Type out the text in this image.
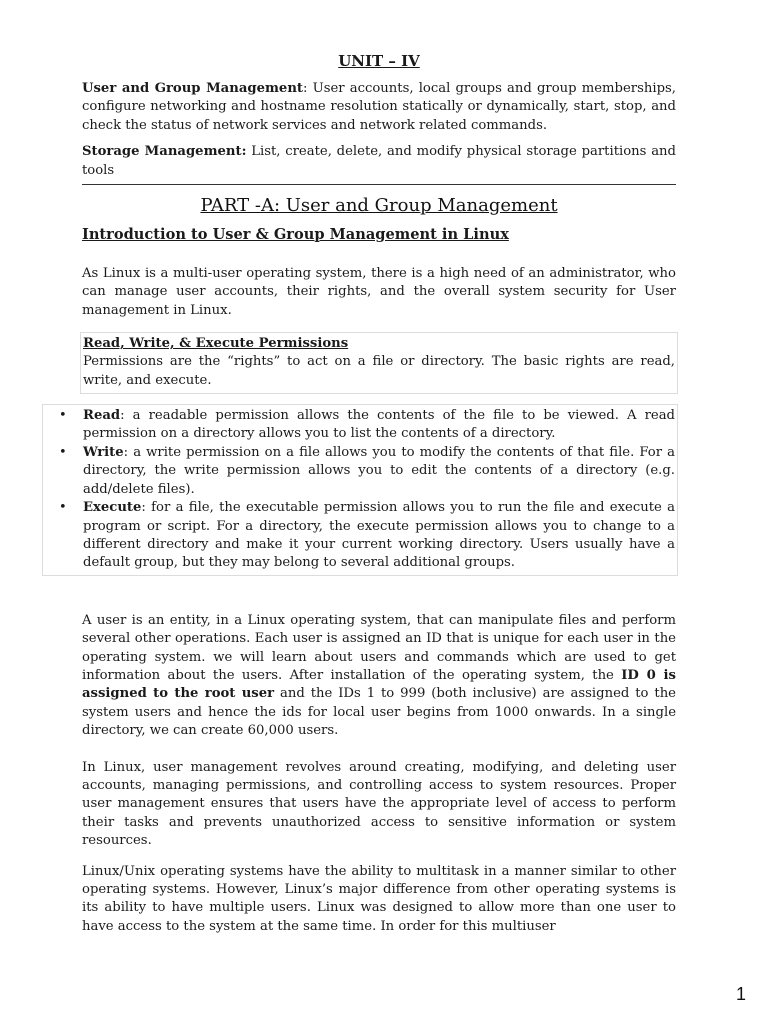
UNIT – IV

User and Group Management: User accounts, local groups and group memberships, configure networking and hostname resolution statically or dynamically, start, stop, and check the status of network services and network related commands.

Storage Management: List, create, delete, and modify physical storage partitions and tools

PART -A: User and Group Management
Introduction to User & Group Management in Linux

As Linux is a multi-user operating system, there is a high need of an administrator, who can manage user accounts, their rights, and the overall system security for User management in Linux.

Read, Write, & Execute Permissions

Permissions are the “rights” to act on a file or directory. The basic rights are read, write, and execute.

• Read: a readable permission allows the contents of the file to be viewed. A read permission on a directory allows you to list the contents of a directory.

• Write: a write permission on a file allows you to modify the contents of that file. For a directory, the write permission allows you to edit the contents of a directory (e.g. add/delete files).

• Execute: for a file, the executable permission allows you to run the file and execute a program or script. For a directory, the execute permission allows you to change to a different directory and make it your current working directory. Users usually have a default group, but they may belong to several additional groups.

A user is an entity, in a Linux operating system, that can manipulate files and perform several other operations. Each user is assigned an ID that is unique for each user in the operating system. we will learn about users and commands which are used to get information about the users. After installation of the operating system, the ID 0 is assigned to the root user and the IDs 1 to 999 (both inclusive) are assigned to the system users and hence the ids for local user begins from 1000 onwards. In a single directory, we can create 60,000 users.

In Linux, user management revolves around creating, modifying, and deleting user accounts, managing permissions, and controlling access to system resources. Proper user management ensures that users have the appropriate level of access to perform their tasks and prevents unauthorized access to sensitive information or system resources.

Linux/Unix operating systems have the ability to multitask in a manner similar to other operating systems. However, Linux’s major difference from other operating systems is its ability to have multiple users. Linux was designed to allow more than one user to have access to the system at the same time. In order for this multiuser

1
